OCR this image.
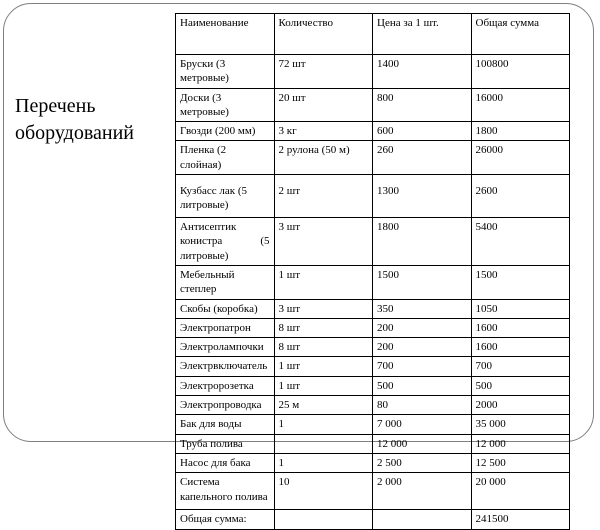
Перечень оборудований
Наименование	Количество	Цена за 1 шт.	Общая сумма
Бруски (3 метровые)	72 шт	1400	100800
Доски (3 метровые)	20 шт	800	16000
Гвозди (200 мм)	3 кг	600	1800
Пленка (2 слойная)	2 рулона (50 м)	260	26000
Кузбасс лак (5 литровые)	2 шт	1300	2600
Антисептик конистра (5 литровые)	3 шт	1800	5400
Мебельный степлер	1 шт	1500	1500
Скобы (коробка)	3 шт	350	1050
Электропатрон	8 шт	200	1600
Электролампочки	8 шт	200	1600
Электрвключатель	1 шт	700	700
Электророзетка	1 шт	500	500
Электропроводка	25 м	80	2000
Бак для воды	1	7 000	35 000
Труба полива		12 000	12 000
Насос для бака	1	2 500	12 500
Система капельного полива	10	2 000	20 000
Общая сумма:			241500
